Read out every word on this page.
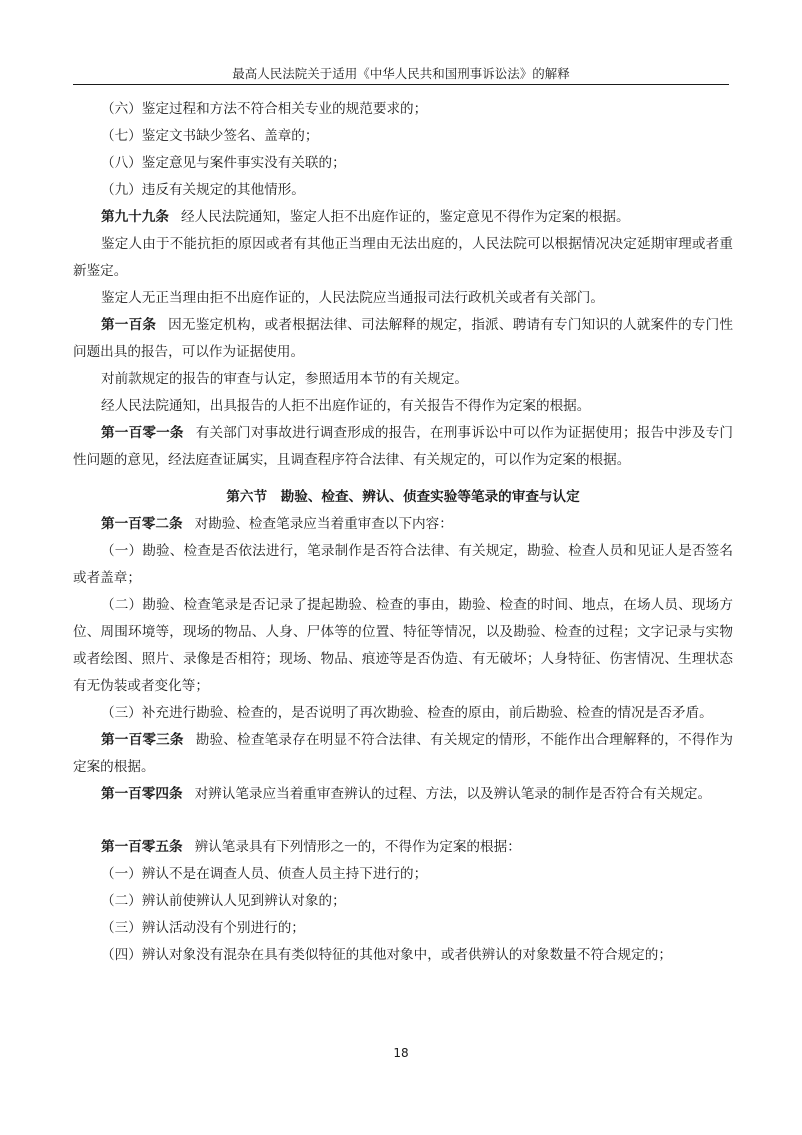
最高人民法院关于适用《中华人民共和国刑事诉讼法》的解释

（六）鉴定过程和方法不符合相关专业的规范要求的；

（七）鉴定文书缺少签名、盖章的；

（八）鉴定意见与案件事实没有关联的；

（九）违反有关规定的其他情形。

第九十九条 经人民法院通知，鉴定人拒不出庭作证的，鉴定意见不得作为定案的根据。

鉴定人由于不能抗拒的原因或者有其他正当理由无法出庭的，人民法院可以根据情况决定延期审理或者重新鉴定。

鉴定人无正当理由拒不出庭作证的，人民法院应当通报司法行政机关或者有关部门。

第一百条 因无鉴定机构，或者根据法律、司法解释的规定，指派、聘请有专门知识的人就案件的专门性问题出具的报告，可以作为证据使用。

对前款规定的报告的审查与认定，参照适用本节的有关规定。

经人民法院通知，出具报告的人拒不出庭作证的，有关报告不得作为定案的根据。

第一百零一条 有关部门对事故进行调查形成的报告，在刑事诉讼中可以作为证据使用；报告中涉及专门性问题的意见，经法庭查证属实，且调查程序符合法律、有关规定的，可以作为定案的根据。

第六节　勘验、检查、辨认、侦查实验等笔录的审查与认定

第一百零二条 对勘验、检查笔录应当着重审查以下内容：

（一）勘验、检查是否依法进行，笔录制作是否符合法律、有关规定，勘验、检查人员和见证人是否签名或者盖章；

（二）勘验、检查笔录是否记录了提起勘验、检查的事由，勘验、检查的时间、地点，在场人员、现场方位、周围环境等，现场的物品、人身、尸体等的位置、特征等情况，以及勘验、检查的过程；文字记录与实物或者绘图、照片、录像是否相符；现场、物品、痕迹等是否伪造、有无破坏；人身特征、伤害情况、生理状态有无伪装或者变化等；

（三）补充进行勘验、检查的，是否说明了再次勘验、检查的原由，前后勘验、检查的情况是否矛盾。

第一百零三条 勘验、检查笔录存在明显不符合法律、有关规定的情形，不能作出合理解释的，不得作为定案的根据。

第一百零四条 对辨认笔录应当着重审查辨认的过程、方法，以及辨认笔录的制作是否符合有关规定。

第一百零五条 辨认笔录具有下列情形之一的，不得作为定案的根据：

（一）辨认不是在调查人员、侦查人员主持下进行的；

（二）辨认前使辨认人见到辨认对象的；

（三）辨认活动没有个别进行的；

（四）辨认对象没有混杂在具有类似特征的其他对象中，或者供辨认的对象数量不符合规定的；

18
